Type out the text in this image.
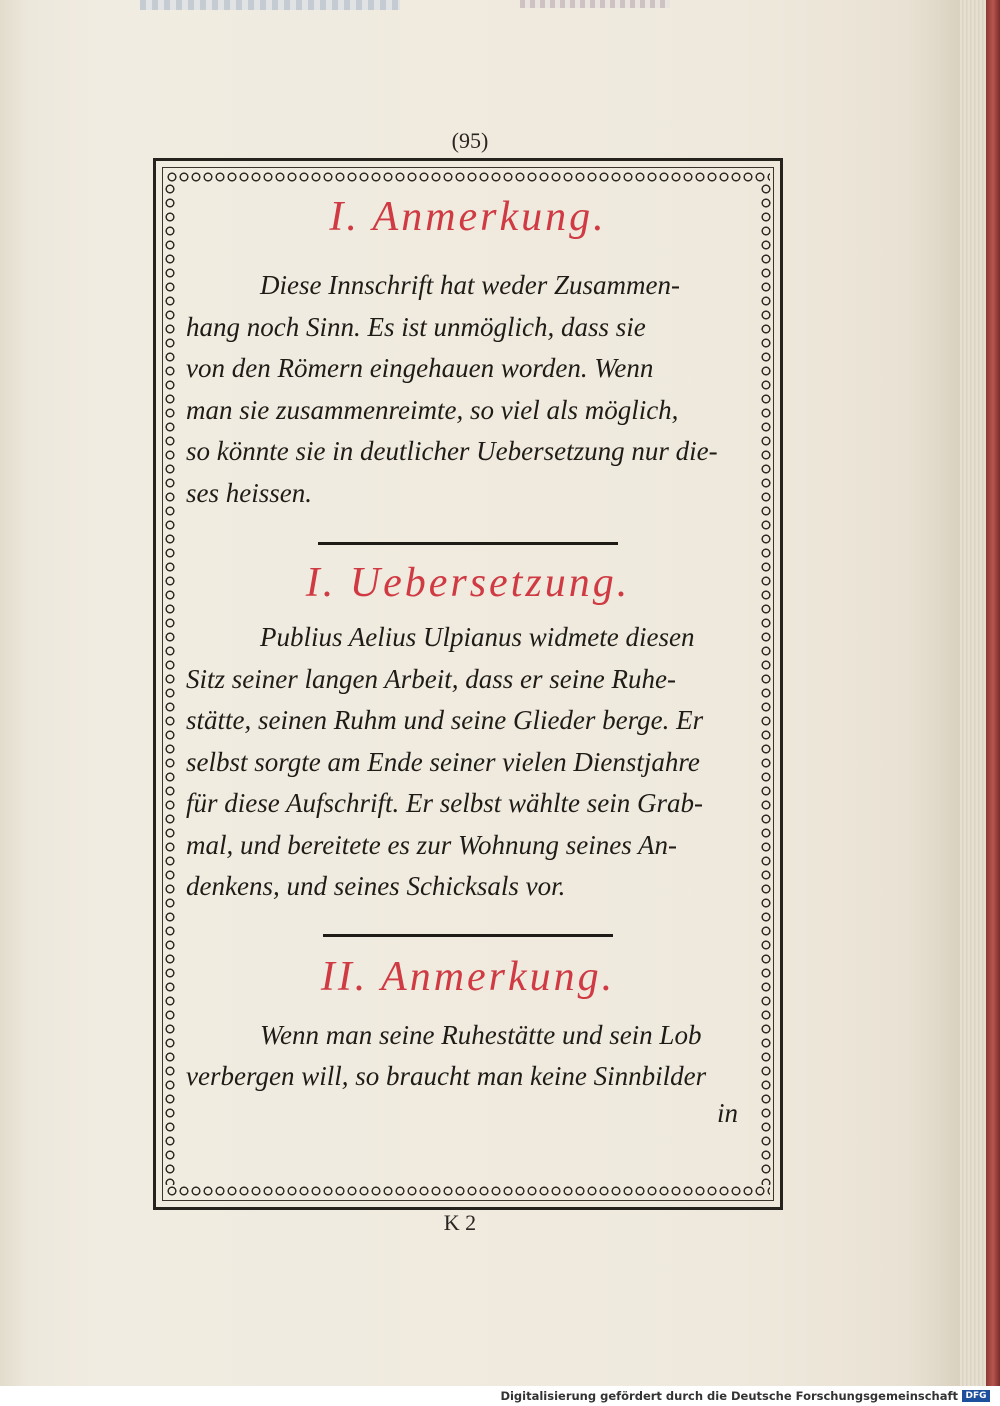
(95)
I. Anmerkung.
Diese Innschrift hat weder Zusammen-
hang noch Sinn. Es ist unmöglich, dass sie
von den Römern eingehauen worden. Wenn
man sie zusammenreimte, so viel als möglich,
so könnte sie in deutlicher Uebersetzung nur die-
ses heissen.
I. Uebersetzung.
Publius Aelius Ulpianus widmete diesen
Sitz seiner langen Arbeit, dass er seine Ruhe-
stätte, seinen Ruhm und seine Glieder berge. Er
selbst sorgte am Ende seiner vielen Dienstjahre
für diese Aufschrift. Er selbst wählte sein Grab-
mal, und bereitete es zur Wohnung seines An-
denkens, und seines Schicksals vor.
II. Anmerkung.
Wenn man seine Ruhestätte und sein Lob
verbergen will, so braucht man keine Sinnbilder
in
K 2
Digitalisierung gefördert durch die Deutsche Forschungsgemeinschaft DFG
